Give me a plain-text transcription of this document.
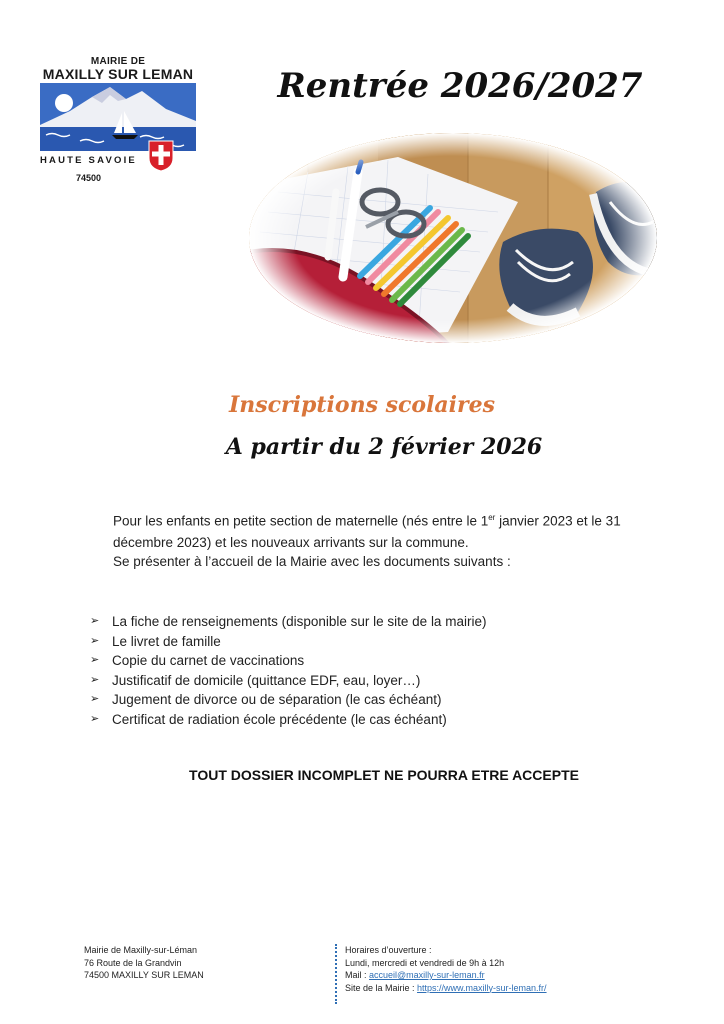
MAIRIE DE
MAXILLY SUR LEMAN
HAUTE SAVOIE
74500
Rentrée 2026/2027
Inscriptions scolaires
A partir du 2 février 2026
Pour les enfants en petite section de maternelle (nés entre le 1er janvier 2023 et le 31 décembre 2023) et les nouveaux arrivants sur la commune.
Se présenter à l’accueil de la Mairie avec les documents suivants :
➢ La fiche de renseignements (disponible sur le site de la mairie)
➢ Le livret de famille
➢ Copie du carnet de vaccinations
➢ Justificatif de domicile (quittance EDF, eau, loyer…)
➢ Jugement de divorce ou de séparation (le cas échéant)
➢ Certificat de radiation école précédente (le cas échéant)
TOUT DOSSIER INCOMPLET NE POURRA ETRE ACCEPTE
Mairie de Maxilly-sur-Léman
76 Route de la Grandvin
74500 MAXILLY SUR LEMAN
Horaires d’ouverture :
Lundi, mercredi et vendredi de 9h à 12h
Mail : accueil@maxilly-sur-leman.fr
Site de la Mairie : https://www.maxilly-sur-leman.fr/
